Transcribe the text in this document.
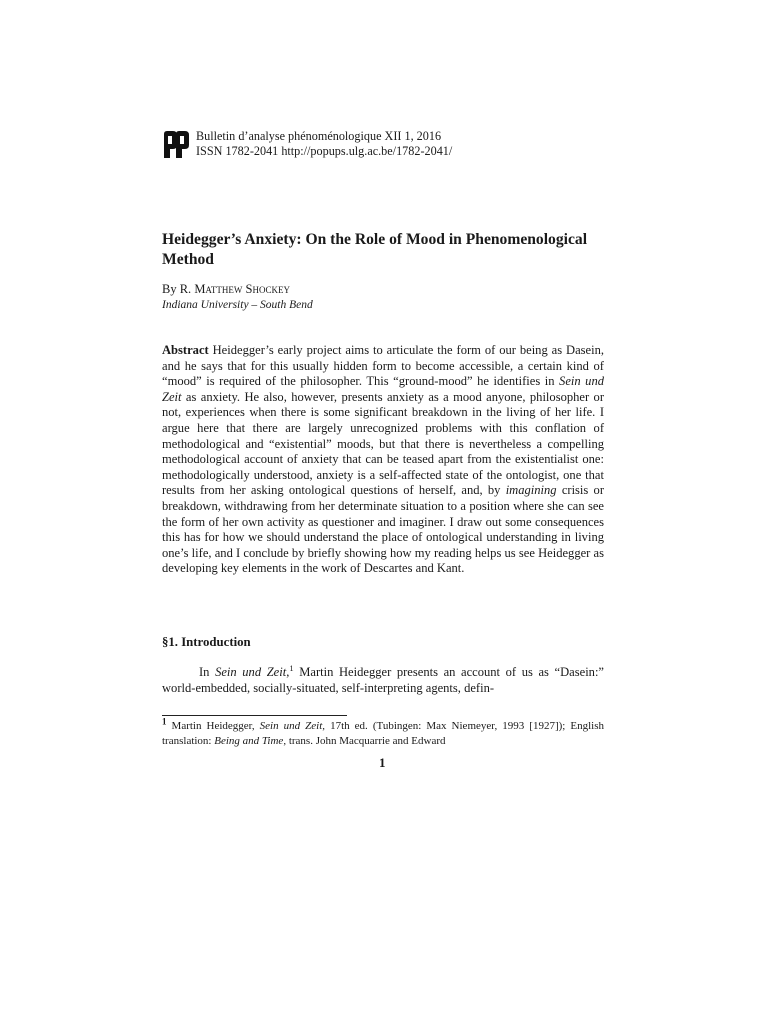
Bulletin d’analyse phénoménologique XII 1, 2016
ISSN 1782-2041 http://popups.ulg.ac.be/1782-2041/
Heidegger’s Anxiety: On the Role of Mood in Phenomenological Method
By R. Matthew Shockey
Indiana University – South Bend

Abstract Heidegger’s early project aims to articulate the form of our being as Dasein, and he says that for this usually hidden form to become accessible, a certain kind of “mood” is required of the philosopher. This “ground-mood” he identifies in Sein und Zeit as anxiety. He also, however, presents anxiety as a mood anyone, philosopher or not, experiences when there is some significant breakdown in the living of her life. I argue here that there are largely unrecognized problems with this conflation of methodological and “existential” moods, but that there is nevertheless a compelling methodological account of anxiety that can be teased apart from the existentialist one: methodologically understood, anxiety is a self-affected state of the ontologist, one that results from her asking ontological questions of herself, and, by imagining crisis or breakdown, withdrawing from her determinate situation to a position where she can see the form of her own activity as questioner and imaginer. I draw out some consequences this has for how we should understand the place of ontological understanding in living one’s life, and I conclude by briefly showing how my reading helps us see Heidegger as developing key elements in the work of Descartes and Kant.

§1. Introduction

In Sein und Zeit,$^1$ Martin Heidegger presents an account of us as “Dasein:” world-embedded, socially-situated, self-interpreting agents, defin-

$^1$ Martin Heidegger, Sein und Zeit, 17th ed. (Tubingen: Max Niemeyer, 1993 [1927]); English translation: Being and Time, trans. John Macquarrie and Edward

1
